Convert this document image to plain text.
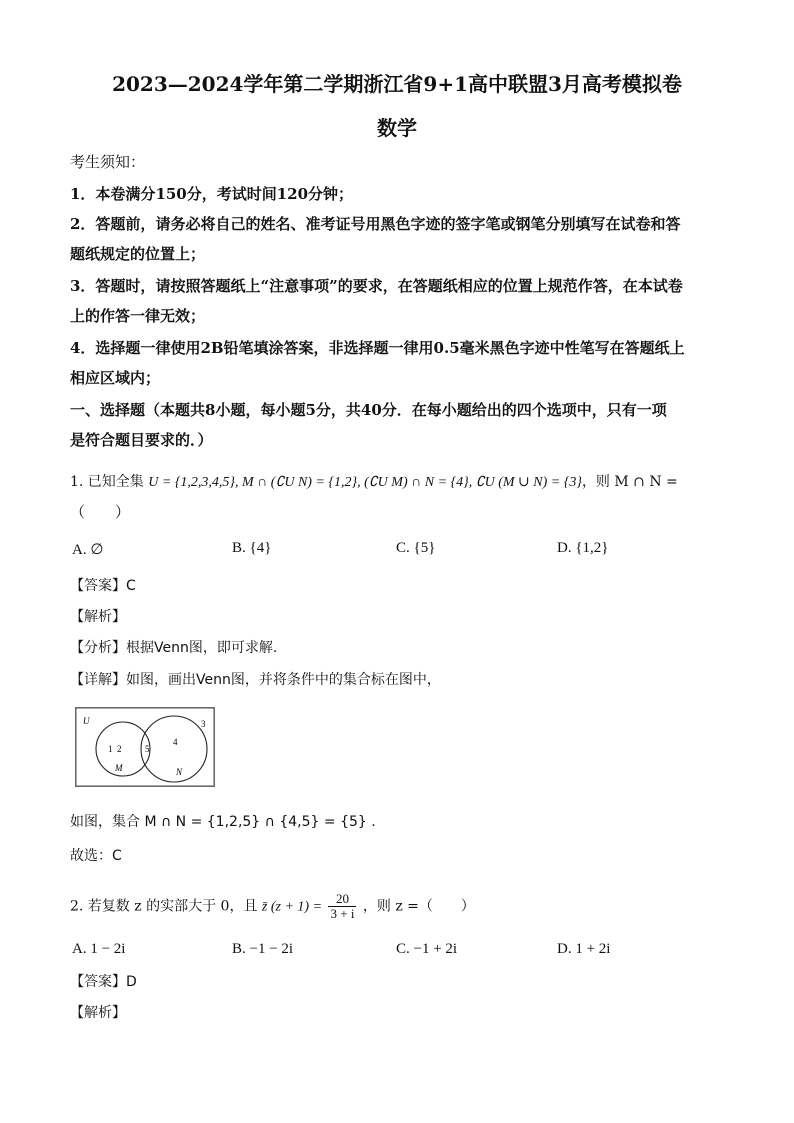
2023—2024学年第二学期浙江省9+1高中联盟3月高考模拟卷
数学
考生须知：
1．本卷满分150分，考试时间120分钟；
2．答题前，请务必将自己的姓名、准考证号用黑色字迹的签字笔或钢笔分别填写在试卷和答
题纸规定的位置上；
3．答题时，请按照答题纸上“注意事项”的要求，在答题纸相应的位置上规范作答，在本试卷
上的作答一律无效；
4．选择题一律使用2B铅笔填涂答案，非选择题一律用0.5毫米黑色字迹中性笔写在答题纸上
相应区域内；
一、选择题（本题共8小题，每小题5分，共40分．在每小题给出的四个选项中，只有一项
是符合题目要求的．）
1. 已知全集 U = {1,2,3,4,5}, M ∩ (∁U N) = {1,2}, (∁U M) ∩ N = {4}, ∁U (M ∪ N) = {3}，则 M ∩ N =
（　　）
A. ∅	B. {4}	C. {5}	D. {1,2}
【答案】C
【解析】
【分析】根据Venn图，即可求解.
【详解】如图，画出Venn图，并将条件中的集合标在图中，
U	3
1  2	5
4
M	N
如图，集合 M ∩ N = {1,2,5} ∩ {4,5} = {5} .
故选：C
2. 若复数 z 的实部大于 0，且 z̄ $(z + 1) = \frac{20}{3 + i}$ ，则 z =（　　）
A. 1 − 2i	B. −1 − 2i	C. −1 + 2i	D. 1 + 2i
【答案】D
【解析】
